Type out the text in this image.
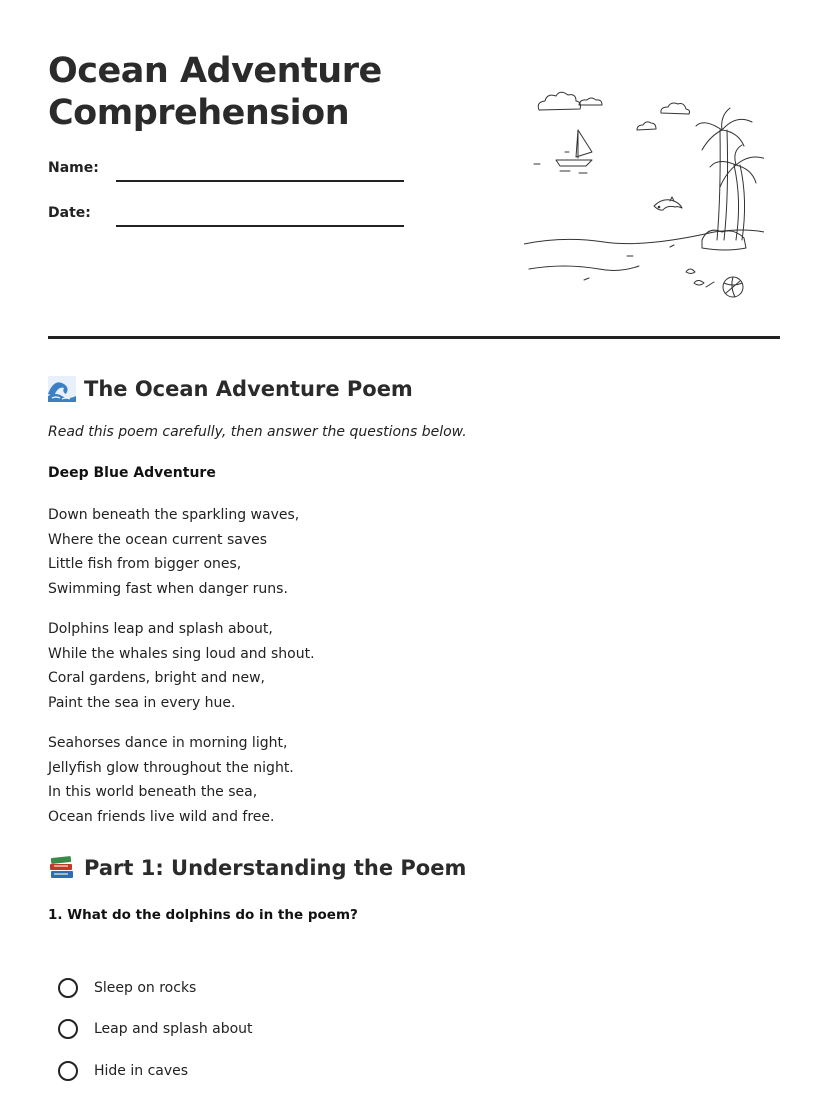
Ocean Adventure
Comprehension
Name:
Date:
The Ocean Adventure Poem
Read this poem carefully, then answer the questions below.
Deep Blue Adventure
Down beneath the sparkling waves,
Where the ocean current saves
Little fish from bigger ones,
Swimming fast when danger runs.
Dolphins leap and splash about,
While the whales sing loud and shout.
Coral gardens, bright and new,
Paint the sea in every hue.
Seahorses dance in morning light,
Jellyfish glow throughout the night.
In this world beneath the sea,
Ocean friends live wild and free.
Part 1: Understanding the Poem
1. What do the dolphins do in the poem?
Sleep on rocks
Leap and splash about
Hide in caves
